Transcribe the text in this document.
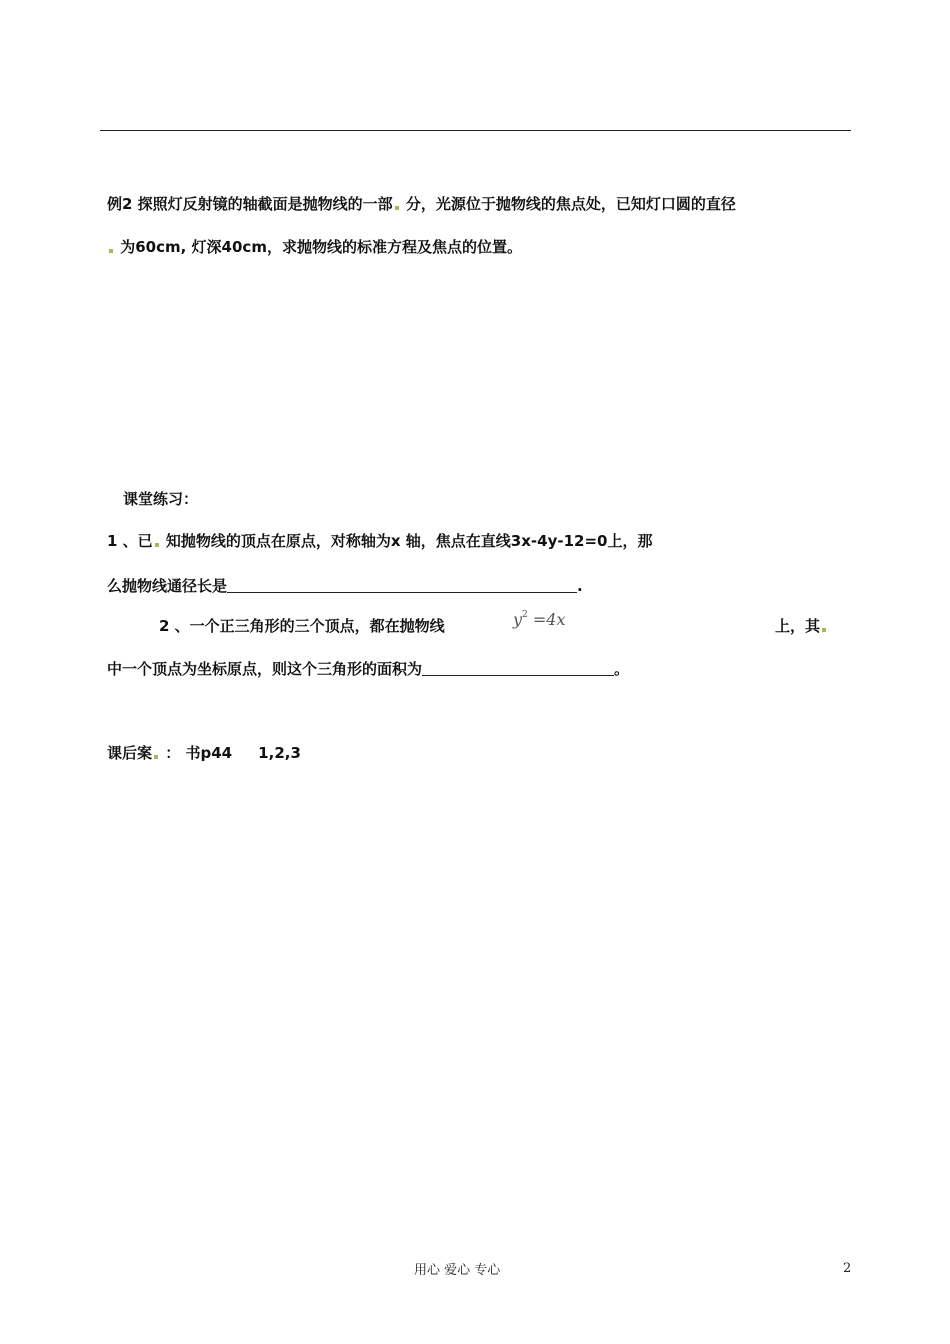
例2 探照灯反射镜的轴截面是抛物线的一部 分，光源位于抛物线的焦点处，已知灯口圆的直径
为60cm, 灯深40cm，求抛物线的标准方程及焦点的位置。
课堂练习：
1 、已 知抛物线的顶点在原点，对称轴为x 轴，焦点在直线3x-4y-12=0上，那
么抛物线通径长是	.
2 、一个正三角形的三个顶点，都在抛物线	$y^2 =4x$	上，其
中一个顶点为坐标原点，则这个三角形的面积为	。
课后案 ： 书p44     1,2,3
用心 爱心 专心	2
